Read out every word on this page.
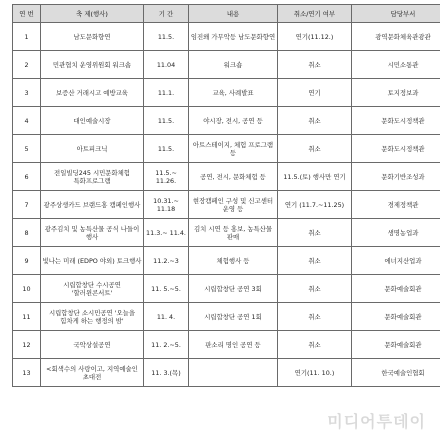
연 번	축 제(행사)	기 간	내용	취소/연기 여부	담당부서
1	남도문화향연	11.5.	임진왜 가무악등 남도문화향연	연기(11.12.)	광역문화체육관광관
2	민관협치 운영위원회 워크숍	11.04	워크숍	취소	시민소통관
3	보증산 거래시고 예방교육	11.1.	교육, 사례발표	연기	토지정보과
4	대인예술시장	11.5.	야시장, 전시, 공연 등	취소	문화도시정책관
5	아트피크닉	11.5.	아트스테이지, 체험 프로그램 등	취소	문화도시정책관
6	전일빌딩245 시민문화체험 특화프로그램	11.5.~ 11.26.	공연, 전시, 문화체험 등	11.5.(토) 행사만 연기	문화기반조성과
7	광주상생카드 브랜드홍 캠페인행사	10.31.~ 11.18	현장캠페인 구성 및 신고센터 운영 등	연기 (11.7.~11.25)	경제정책관
8	광주김치 및 농특산물 공식 나들이 행사	11.3.~ 11.4.	김치 시연 등 홍보, 농특산물 판매	취소	생명농업과
9	빛나는 미래 (EDPO 야외) 토크행사	11.2.~3	체험행사 등	취소	에너지산업과
10	시립합창단 수시공연 '할러윈콘서트'	11. 5.~5.	시립합창단 공연 3회	취소	문화예술회관
11	시립합창단 소시민공연 '오늘을 힘차게 하는 행정의 밤'	11. 4.	시립합창단 공연 1회	취소	문화예술회관
12	국악상설공연	11. 2.~5.	판소리 명인 공연 등	취소	문화예술회관
13	<회색수의 사랑이고, 지역예술인 초대전	11. 3.(목)		연기(11. 10.)	한국예술인협회
미디어투데이
